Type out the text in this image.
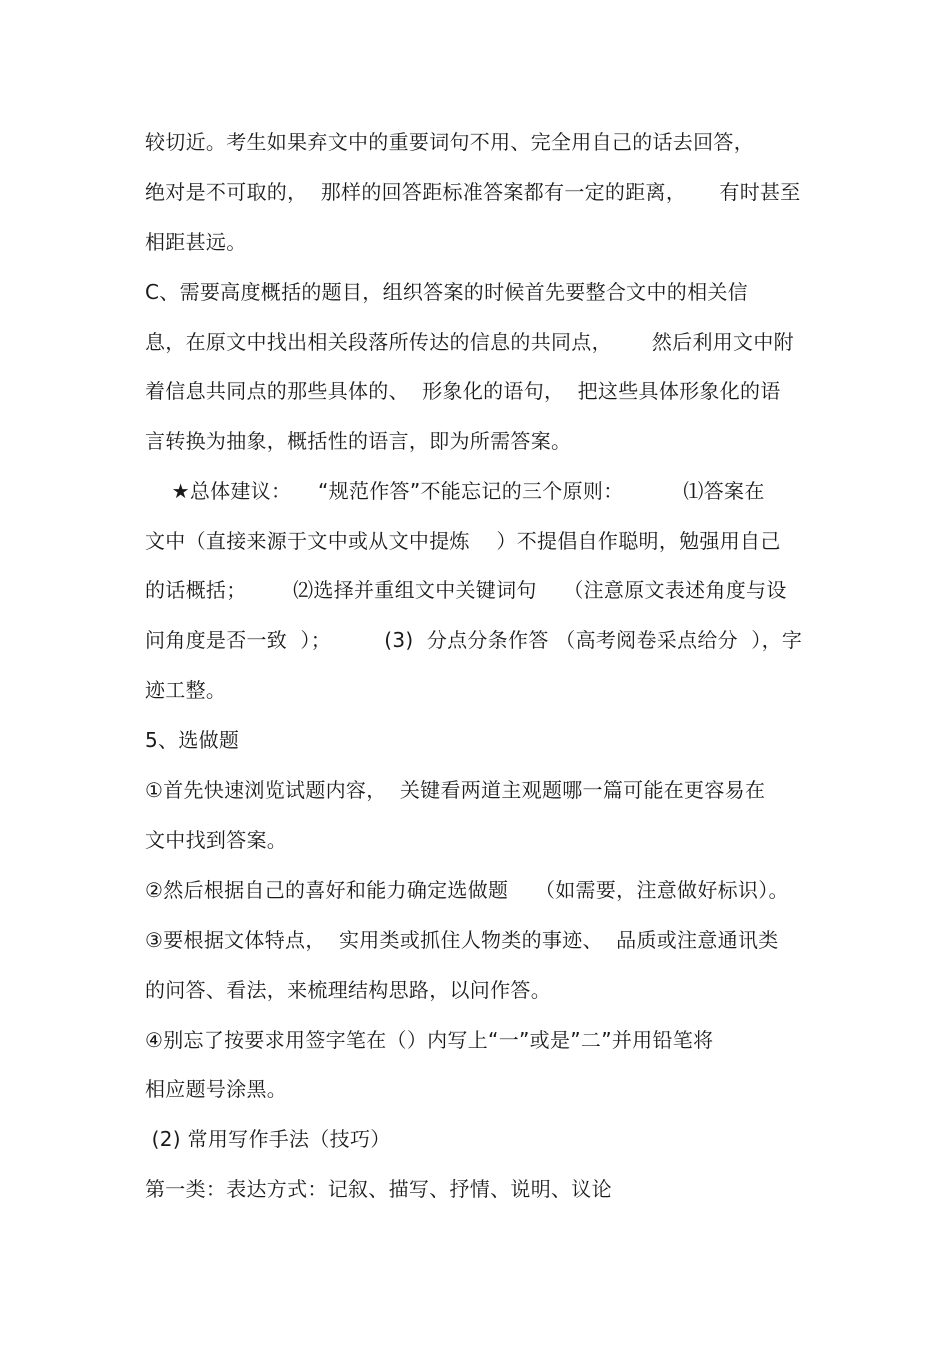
较切近。考生如果弃文中的重要词句不用、完全用自己的话去回答，
绝对是不可取的，  那样的回答距标准答案都有一定的距离，     有时甚至
相距甚远。
C、需要高度概括的题目，组织答案的时候首先要整合文中的相关信
息，在原文中找出相关段落所传达的信息的共同点，      然后利用文中附
着信息共同点的那些具体的、  形象化的语句，  把这些具体形象化的语
言转换为抽象，概括性的语言，即为所需答案。
★总体建议：    “规范作答”不能忘记的三个原则：         ⑴答案在
文中（直接来源于文中或从文中提炼    ）不提倡自作聪明，勉强用自己
的话概括；       ⑵选择并重组文中关键词句    （注意原文表述角度与设
问角度是否一致  ）；        (3)  分点分条作答 （高考阅卷采点给分  ），字
迹工整。
5、选做题
①首先快速浏览试题内容，  关键看两道主观题哪一篇可能在更容易在
文中找到答案。
②然后根据自己的喜好和能力确定选做题    （如需要，注意做好标识）。
③要根据文体特点，  实用类或抓住人物类的事迹、  品质或注意通讯类
的问答、看法，来梳理结构思路，以问作答。
④别忘了按要求用签字笔在（）内写上“一”或是”二”并用铅笔将
相应题号涂黑。
(2) 常用写作手法（技巧）
第一类：表达方式：记叙、描写、抒情、说明、议论
